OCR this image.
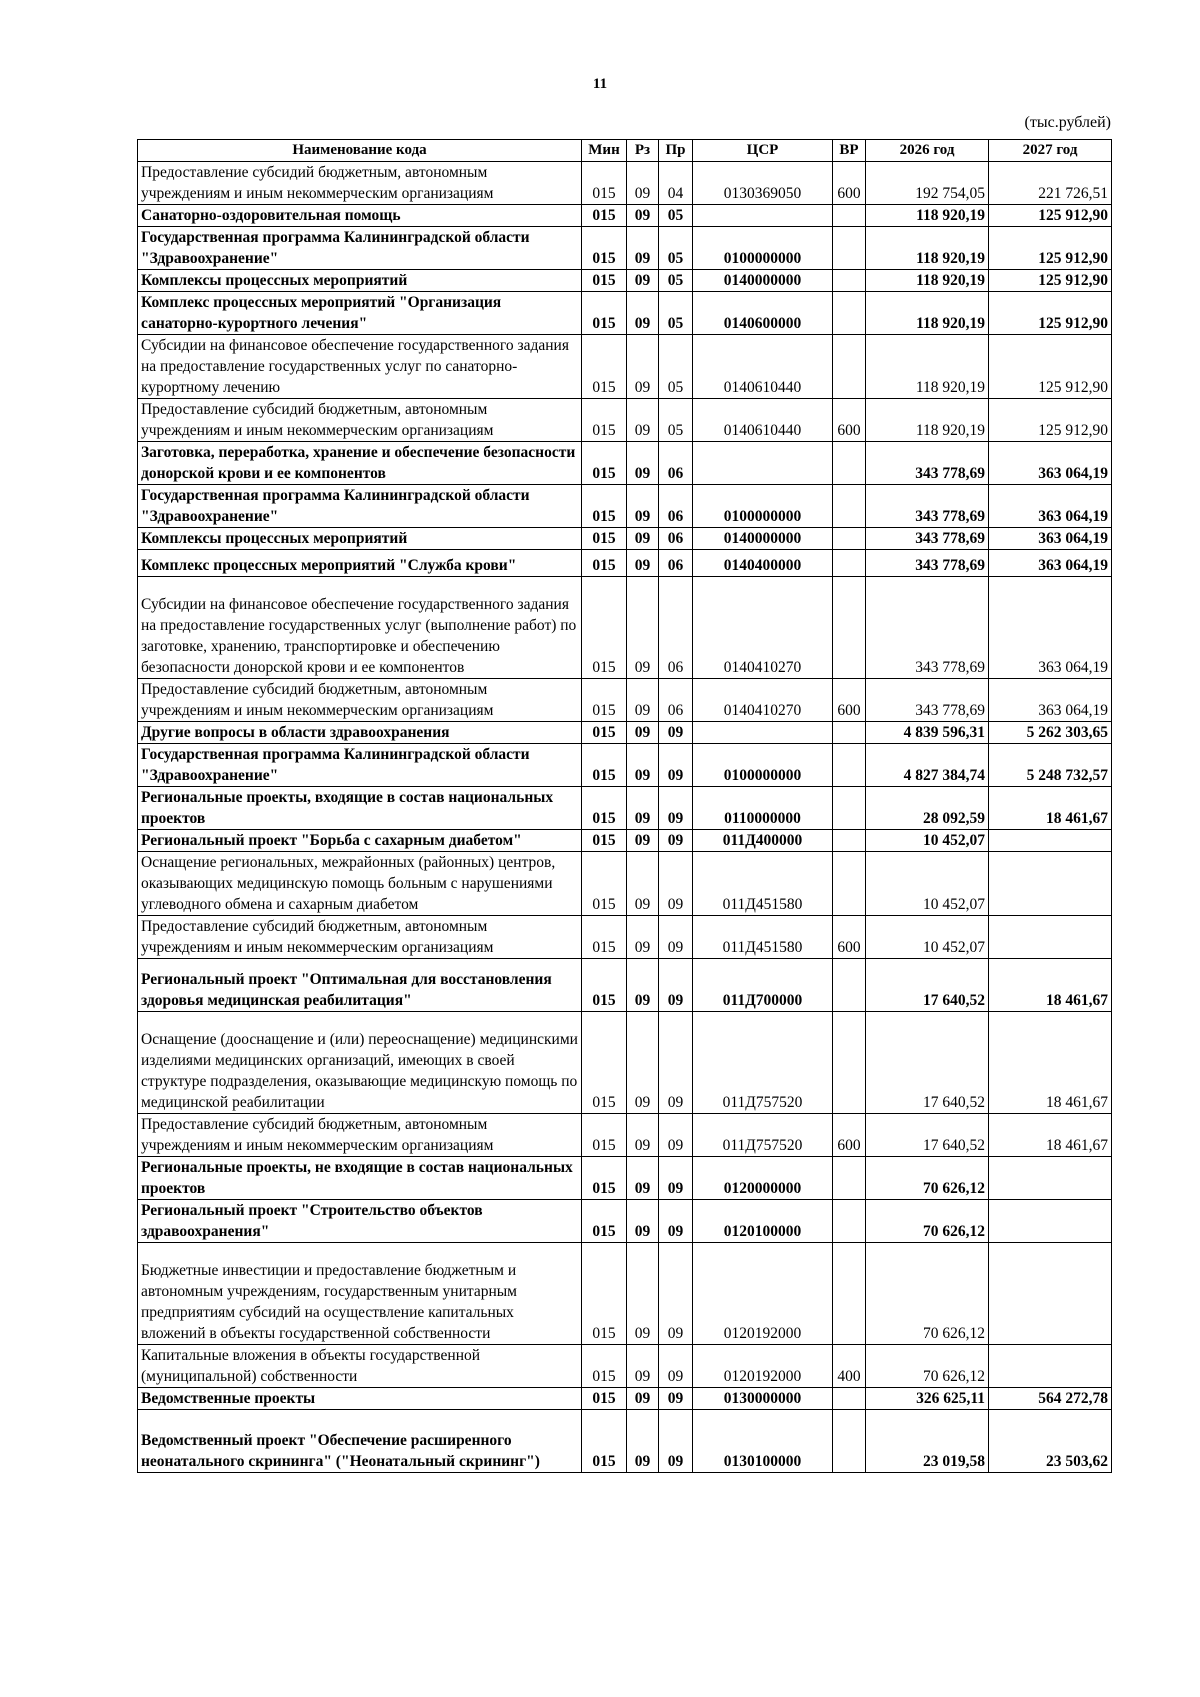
11
(тыс.рублей)
Наименование кода	Мин	Рз	Пр	ЦСР	ВР	2026 год	2027 год
Предоставление субсидий бюджетным, автономным учреждениям и иным некоммерческим организациям	015	09	04	0130369050	600	192 754,05	221 726,51
Санаторно-оздоровительная помощь	015	09	05			118 920,19	125 912,90
Государственная программа Калининградской области "Здравоохранение"	015	09	05	0100000000		118 920,19	125 912,90
Комплексы процессных мероприятий	015	09	05	0140000000		118 920,19	125 912,90
Комплекс процессных мероприятий "Организация санаторно-курортного лечения"	015	09	05	0140600000		118 920,19	125 912,90
Субсидии на финансовое обеспечение государственного задания на предоставление государственных услуг по санаторно-курортному лечению	015	09	05	0140610440		118 920,19	125 912,90
Предоставление субсидий бюджетным, автономным учреждениям и иным некоммерческим организациям	015	09	05	0140610440	600	118 920,19	125 912,90
Заготовка, переработка, хранение и обеспечение безопасности донорской крови и ее компонентов	015	09	06			343 778,69	363 064,19
Государственная программа Калининградской области "Здравоохранение"	015	09	06	0100000000		343 778,69	363 064,19
Комплексы процессных мероприятий	015	09	06	0140000000		343 778,69	363 064,19
Комплекс процессных мероприятий "Служба крови"	015	09	06	0140400000		343 778,69	363 064,19
Субсидии на финансовое обеспечение государственного задания на предоставление государственных услуг (выполнение работ) по заготовке, хранению, транспортировке и обеспечению безопасности донорской крови и ее компонентов	015	09	06	0140410270		343 778,69	363 064,19
Предоставление субсидий бюджетным, автономным учреждениям и иным некоммерческим организациям	015	09	06	0140410270	600	343 778,69	363 064,19
Другие вопросы в области здравоохранения	015	09	09			4 839 596,31	5 262 303,65
Государственная программа Калининградской области "Здравоохранение"	015	09	09	0100000000		4 827 384,74	5 248 732,57
Региональные проекты, входящие в состав национальных проектов	015	09	09	0110000000		28 092,59	18 461,67
Региональный проект "Борьба с сахарным диабетом"	015	09	09	011Д400000		10 452,07	
Оснащение региональных, межрайонных (районных) центров, оказывающих медицинскую помощь больным с нарушениями углеводного обмена и сахарным диабетом	015	09	09	011Д451580		10 452,07	
Предоставление субсидий бюджетным, автономным учреждениям и иным некоммерческим организациям	015	09	09	011Д451580	600	10 452,07	
Региональный проект "Оптимальная для восстановления здоровья медицинская реабилитация"	015	09	09	011Д700000		17 640,52	18 461,67
Оснащение (дооснащение и (или) переоснащение) медицинскими изделиями медицинских организаций, имеющих в своей структуре подразделения, оказывающие медицинскую помощь по медицинской реабилитации	015	09	09	011Д757520		17 640,52	18 461,67
Предоставление субсидий бюджетным, автономным учреждениям и иным некоммерческим организациям	015	09	09	011Д757520	600	17 640,52	18 461,67
Региональные проекты, не входящие в состав национальных проектов	015	09	09	0120000000		70 626,12	
Региональный проект "Строительство объектов здравоохранения"	015	09	09	0120100000		70 626,12	
Бюджетные инвестиции и предоставление бюджетным и автономным учреждениям, государственным унитарным предприятиям субсидий на осуществление капитальных вложений в объекты государственной собственности	015	09	09	0120192000		70 626,12	
Капитальные вложения в объекты государственной (муниципальной) собственности	015	09	09	0120192000	400	70 626,12	
Ведомственные проекты	015	09	09	0130000000		326 625,11	564 272,78
Ведомственный проект "Обеспечение расширенного неонатального скрининга" ("Неонатальный скрининг")	015	09	09	0130100000		23 019,58	23 503,62
